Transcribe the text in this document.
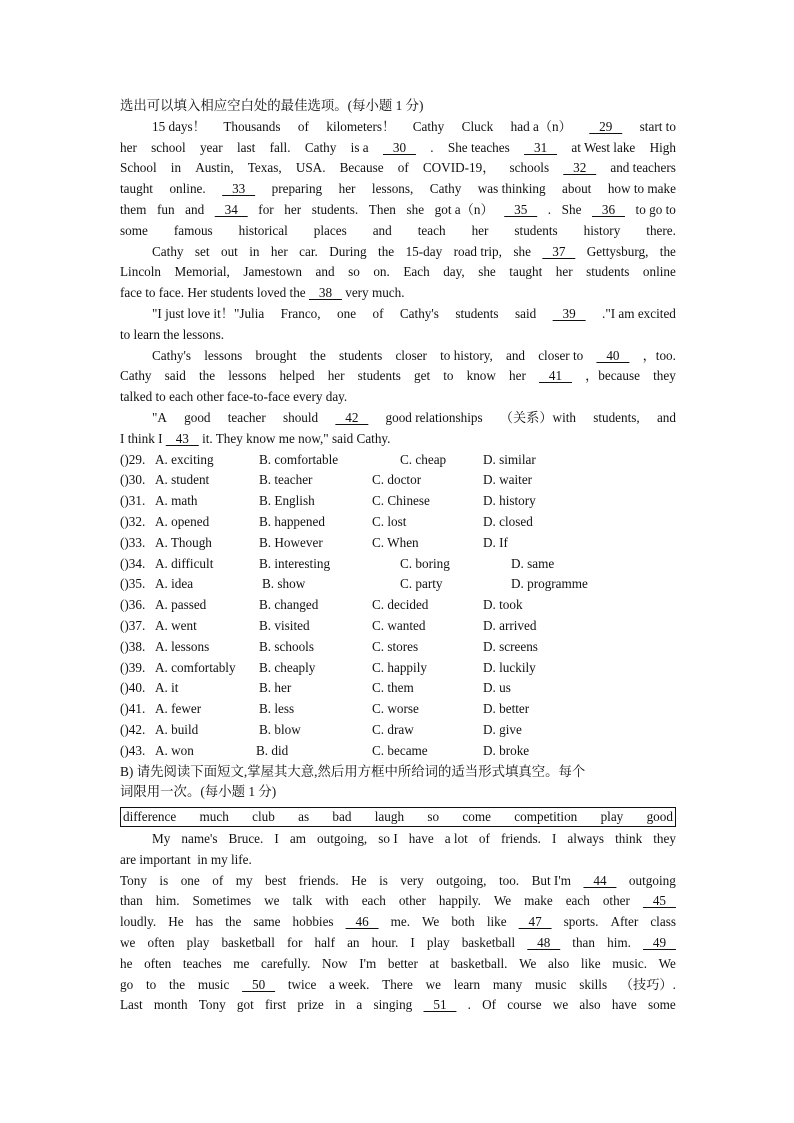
选出可以填入相应空白处的最佳选项。(每小题 1 分)
15 days！ Thousands of kilometers！ Cathy Cluck had a（n） 29 start to
her school year last fall. Cathy is a 30 . She teaches 31 at West lake High
School in Austin, Texas, USA. Because of COVID-19， schools 32 and teachers
taught online. 33 preparing her lessons, Cathy was thinking about how to make
them fun and 34 for her students. Then she got a（n） 35 . She 36 to go to
some famous historical places and teach her students history there.
Cathy set out in her car. During the 15-day road trip, she 37 Gettysburg, the
Lincoln Memorial, Jamestown and so on. Each day, she taught her students online
face to face. Her students loved the    38    very much.
"I just love it！"Julia Franco, one of Cathy's students said 39 ."I am excited
to learn the lessons.
Cathy's lessons brought the students closer to history, and closer to 40 ，too.
Cathy said the lessons helped her students get to know her 41 ，because they
talked to each other face-to-face every day.
"A good teacher should 42 good relationships （关系）with students, and
I think I    43    it. They know me now," said Cathy.
()29. A. exciting	B. comfortable	C. cheap	D. similar
()30. A. student	B. teacher	C. doctor	D. waiter
()31. A. math	B. English	C. Chinese	D. history
()32. A. opened	B. happened	C. lost	D. closed
()33. A. Though	B. However	C. When	D. If
()34. A. difficult	B. interesting	C. boring	D. same
()35. A. idea	B. show	C. party	D. programme
()36. A. passed	B. changed	C. decided	D. took
()37. A. went	B. visited	C. wanted	D. arrived
()38. A. lessons	B. schools	C. stores	D. screens
()39. A. comfortably B. cheaply	C. happily	D. luckily
()40. A. it	B. her	C. them	D. us
()41. A. fewer	B. less	C. worse	D. better
()42. A. build	B. blow	C. draw	D. give
()43. A. won	B. did	C. became	D. broke
B) 请先阅读下面短文,掌屋其大意,然后用方框中所给词的适当形式填真空。每个
词限用一次。(每小题 1 分)
difference much club as bad laugh so come competition play good
My name's Bruce. I am outgoing, so I have a lot of friends. I always think they
are important  in my life.
Tony is one of my best friends. He is very outgoing, too. But I'm 44 outgoing
than him. Sometimes we talk with each other happily. We make each other 45
loudly. He has the same hobbies 46 me. We both like 47 sports. After class
we often play basketball for half an hour. I play basketball 48 than him. 49
he often teaches me carefully. Now I'm better at basketball. We also like music. We
go to the music 50 twice a week. There we learn many music skills （技巧）.
Last month Tony got first prize in a singing 51 . Of course we also have some
